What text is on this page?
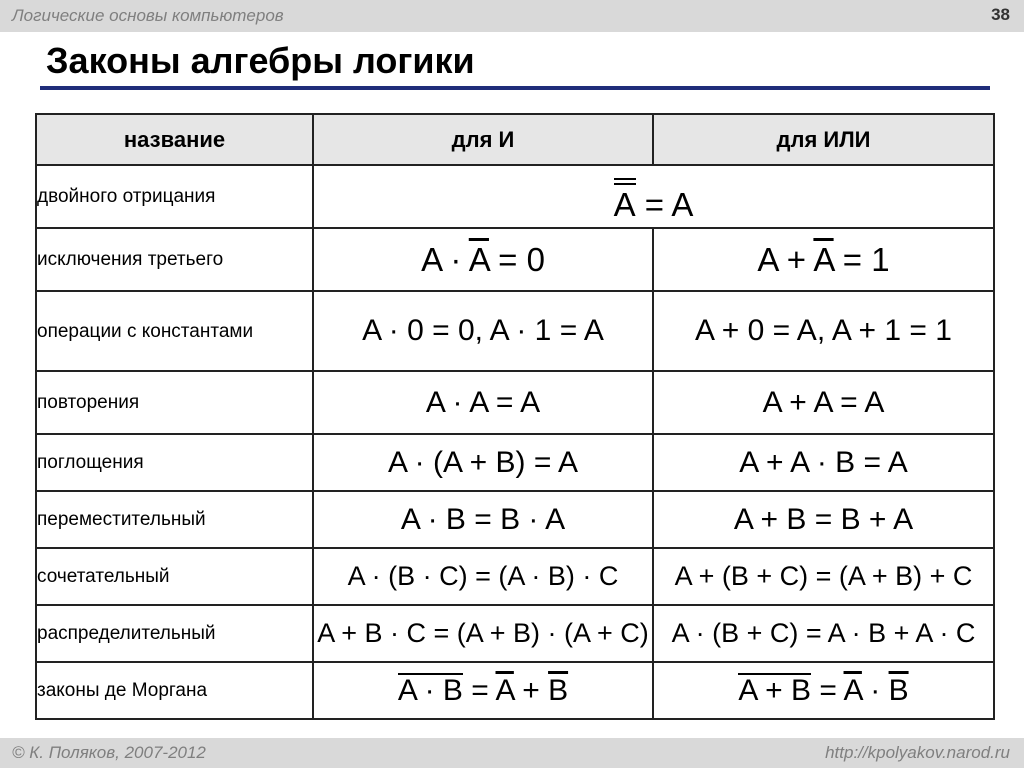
Логические основы компьютеров	38
Законы алгебры логики
название	для И	для ИЛИ
двойного отрицания	A = A	
исключения третьего	$A \cdot \overline{A} = 0$	$A + \overline{A} = 1$
операции с константами	A · 0 = 0, A · 1 = A	A + 0 = A, A + 1 = 1
повторения	A · A = A	A + A = A
поглощения	A · (A + B) = A	A + A · B = A
переместительный	A · B = B · A	A + B = B + A
сочетательный	A · (B · C) = (A · B) · C	A + (B + C) = (A + B) + C
распределительный	A + B · C = (A + B) · (A + C)	A · (B + C) = A · B + A · C
законы де Моргана	$A \cdot B = \overline{A} + \overline{B}$	$A + B = \overline{A} \cdot \overline{B}$
© К. Поляков, 2007-2012	http://kpolyakov.narod.ru
